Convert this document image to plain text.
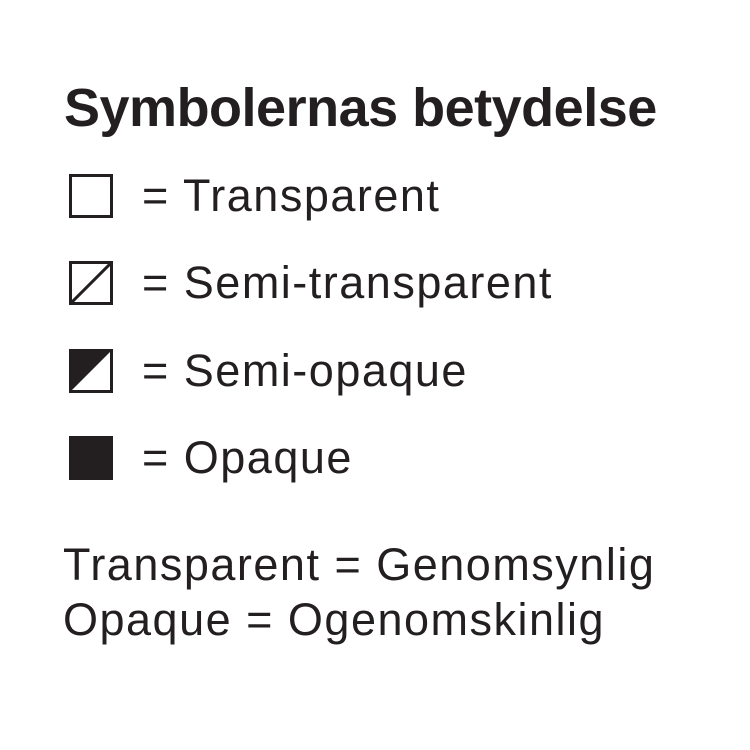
Symbolernas betydelse
= Transparent
= Semi-transparent
= Semi-opaque
= Opaque
Transparent = Genomsynlig
Opaque = Ogenomskinlig
